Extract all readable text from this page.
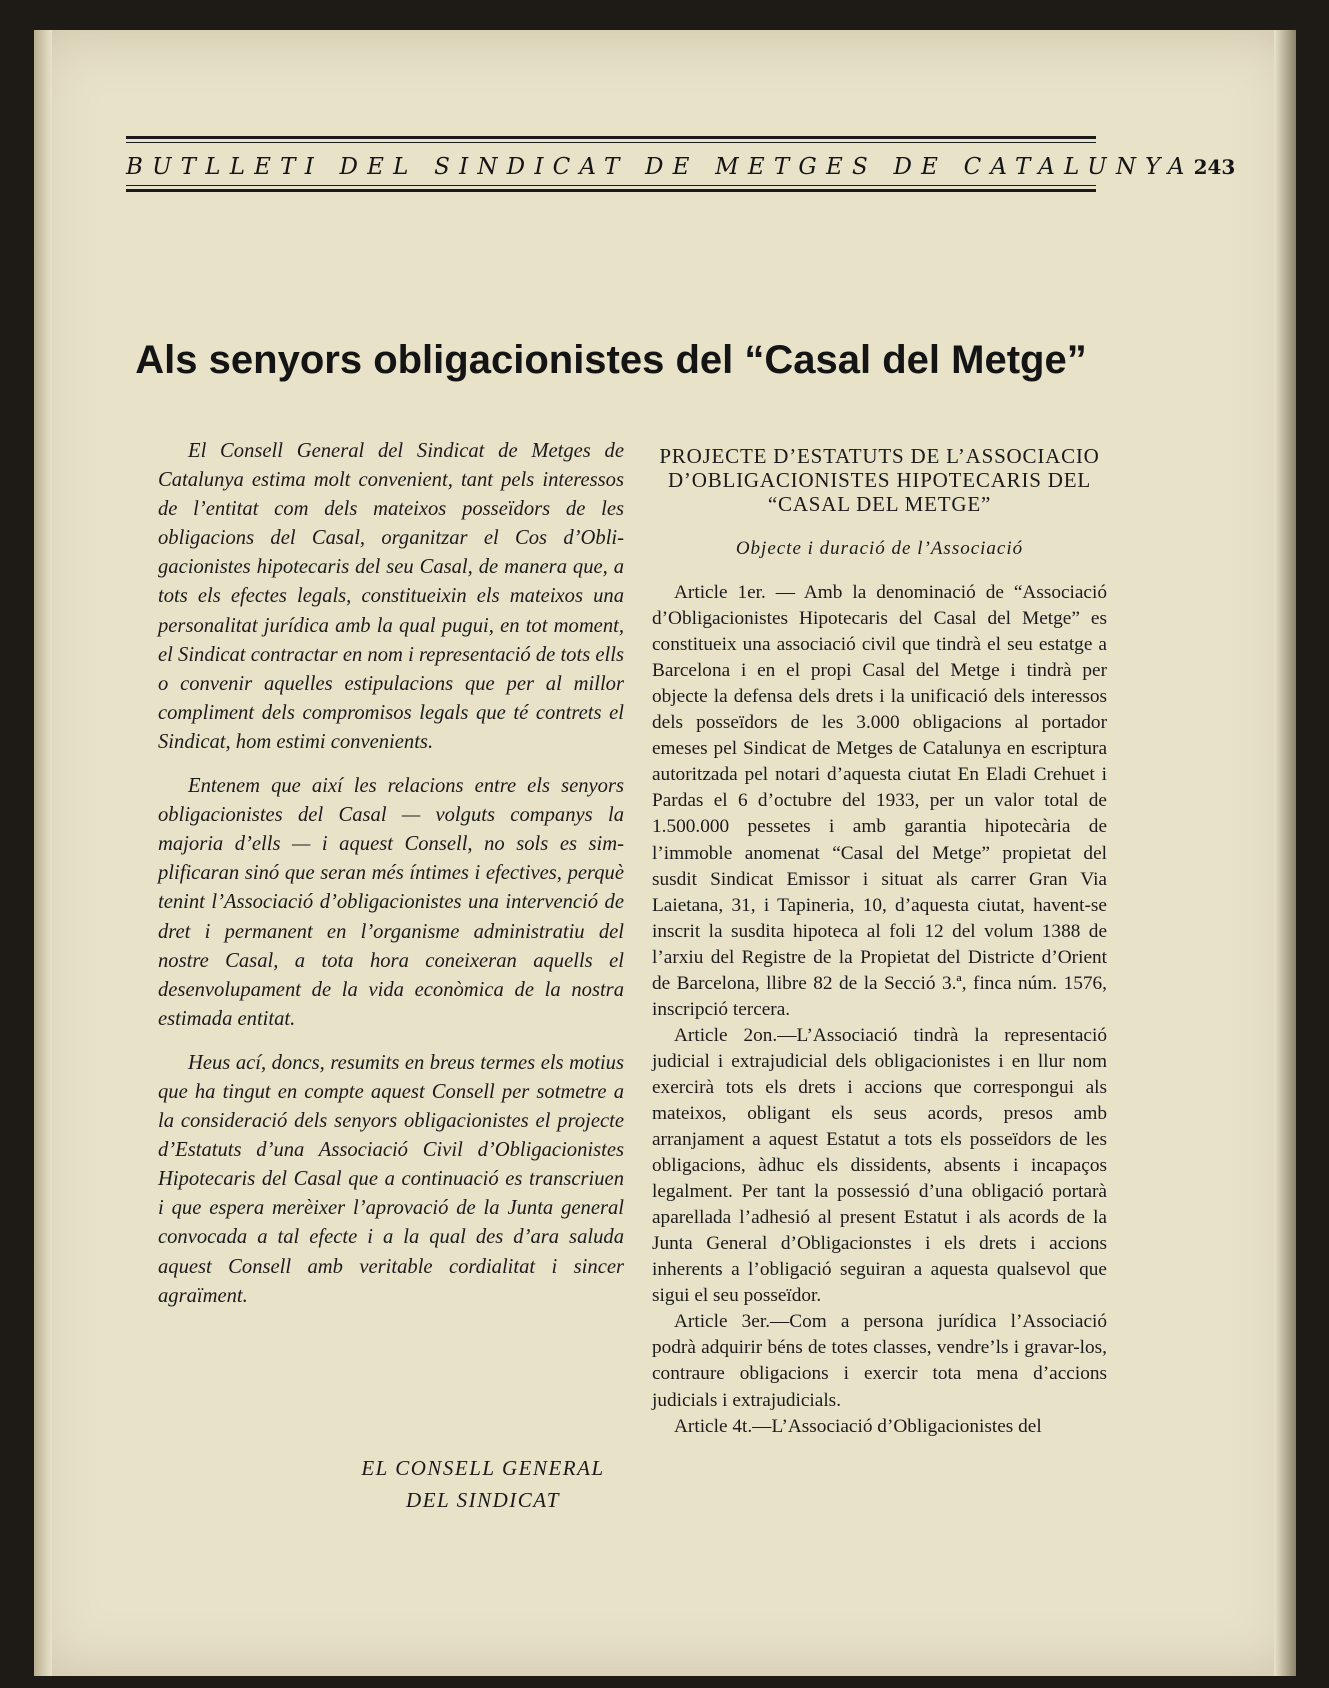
BUTLLETI DEL SINDICAT DE METGES DE CATALUNYA 243
Als senyors obligacionistes del “Casal del Metge”

El Consell General del Sindicat de Metges de Catalunya estima molt convenient, tant pels interessos de l’entitat com dels mateixos posseïdors de les obligacions del Casal, organitzar el Cos d’Obligacionistes hipotecaris del seu Casal, de manera que, a tots els efectes legals, constitueixin els mateixos una personalitat jurídica amb la qual pugui, en tot moment, el Sindicat contractar en nom i representació de tots ells o convenir aquelles estipulacions que per al millor compliment dels compromisos legals que té contrets el Sindicat, hom estimi convenients.

Entenem que així les relacions entre els senyors obligacionistes del Casal — volguts companys la majoria d’ells — i aquest Consell, no sols es simplificaran sinó que seran més íntimes i efectives, perquè tenint l’Associació d’obligacionistes una intervenció de dret i permanent en l’organisme administratiu del nostre Casal, a tota hora coneixeran aquells el desenvolupament de la vida econòmica de la nostra estimada entitat.

Heus ací, doncs, resumits en breus termes els motius que ha tingut en compte aquest Consell per sotmetre a la consideració dels senyors obligacionistes el projecte d’Estatuts d’una Associació Civil d’Obligacionistes Hipotecaris del Casal que a continuació es transcriuen i que espera merèixer l’aprovació de la Junta general convocada a tal efecte i a la qual des d’ara saluda aquest Consell amb veritable cordialitat i sincer agraïment.

EL CONSELL GENERAL
DEL SINDICAT
PROJECTE D’ESTATUTS DE L’ASSOCIACIO D’OBLIGACIONISTES HIPOTECARIS DEL “CASAL DEL METGE”
Objecte i duració de l’Associació

Article 1er. — Amb la denominació de “Associació d’Obligacionistes Hipotecaris del Casal del Metge” es constitueix una associació civil que tindrà el seu estatge a Barcelona i en el propi Casal del Metge i tindrà per objecte la defensa dels drets i la unificació dels interessos dels posseïdors de les 3.000 obligacions al portador emeses pel Sindicat de Metges de Catalunya en escriptura autoritzada pel notari d’aquesta ciutat En Eladi Crehuet i Pardas el 6 d’octubre del 1933, per un valor total de 1.500.000 pessetes i amb garantia hipotecària de l’immoble anomenat “Casal del Metge” propietat del susdit Sindicat Emissor i situat als carrer Gran Via Laietana, 31, i Tapineria, 10, d’aquesta ciutat, havent-se inscrit la susdita hipoteca al foli 12 del volum 1388 de l’arxiu del Registre de la Propietat del Districte d’Orient de Barcelona, llibre 82 de la Secció 3.ª, finca núm. 1576, inscripció tercera.

Article 2on.—L’Associació tindrà la representació judicial i extrajudicial dels obligacionistes i en llur nom exercirà tots els drets i accions que correspongui als mateixos, obligant els seus acords, presos amb arranjament a aquest Estatut a tots els posseïdors de les obligacions, àdhuc els dissidents, absents i incapaços legalment. Per tant la possessió d’una obligació portarà aparellada l’adhesió al present Estatut i als acords de la Junta General d’Obligacionstes i els drets i accions inherents a l’obligació seguiran a aquesta qualsevol que sigui el seu posseïdor.

Article 3er.—Com a persona jurídica l’Associació podrà adquirir béns de totes classes, vendre’ls i gravar-los, contraure obligacions i exercir tota mena d’accions judicials i extrajudicials.

Article 4t.—L’Associació d’Obligacionistes del
